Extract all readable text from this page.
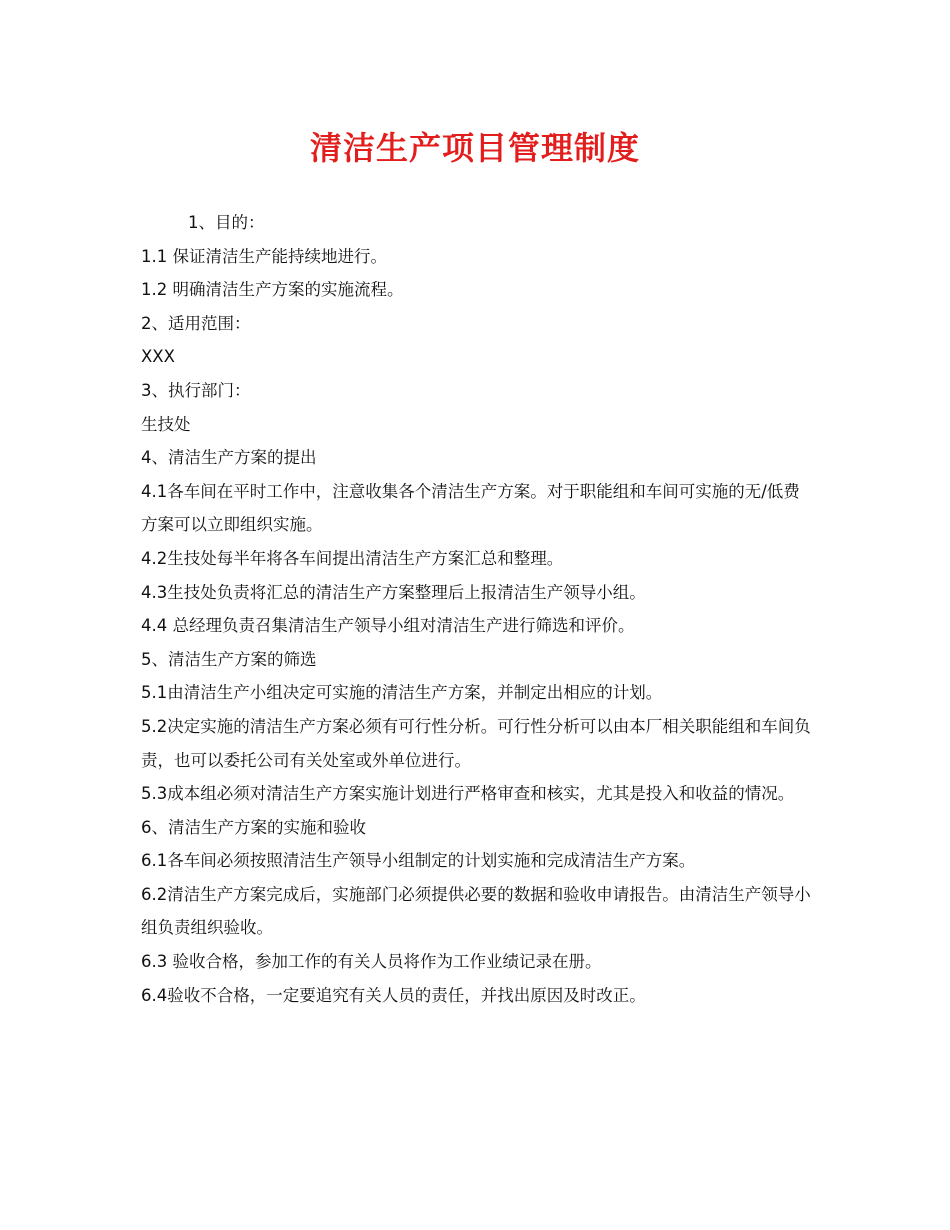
清洁生产项目管理制度

1、目的：

1.1 保证清洁生产能持续地进行。

1.2 明确清洁生产方案的实施流程。

2、适用范围：

XXX

3、执行部门：

生技处

4、清洁生产方案的提出

4.1各车间在平时工作中，注意收集各个清洁生产方案。对于职能组和车间可实施的无/低费方案可以立即组织实施。

4.2生技处每半年将各车间提出清洁生产方案汇总和整理。

4.3生技处负责将汇总的清洁生产方案整理后上报清洁生产领导小组。

4.4 总经理负责召集清洁生产领导小组对清洁生产进行筛选和评价。

5、清洁生产方案的筛选

5.1由清洁生产小组决定可实施的清洁生产方案，并制定出相应的计划。

5.2决定实施的清洁生产方案必须有可行性分析。可行性分析可以由本厂相关职能组和车间负责，也可以委托公司有关处室或外单位进行。

5.3成本组必须对清洁生产方案实施计划进行严格审查和核实，尤其是投入和收益的情况。

6、清洁生产方案的实施和验收

6.1各车间必须按照清洁生产领导小组制定的计划实施和完成清洁生产方案。

6.2清洁生产方案完成后，实施部门必须提供必要的数据和验收申请报告。由清洁生产领导小组负责组织验收。

6.3 验收合格，参加工作的有关人员将作为工作业绩记录在册。

6.4验收不合格，一定要追究有关人员的责任，并找出原因及时改正。
